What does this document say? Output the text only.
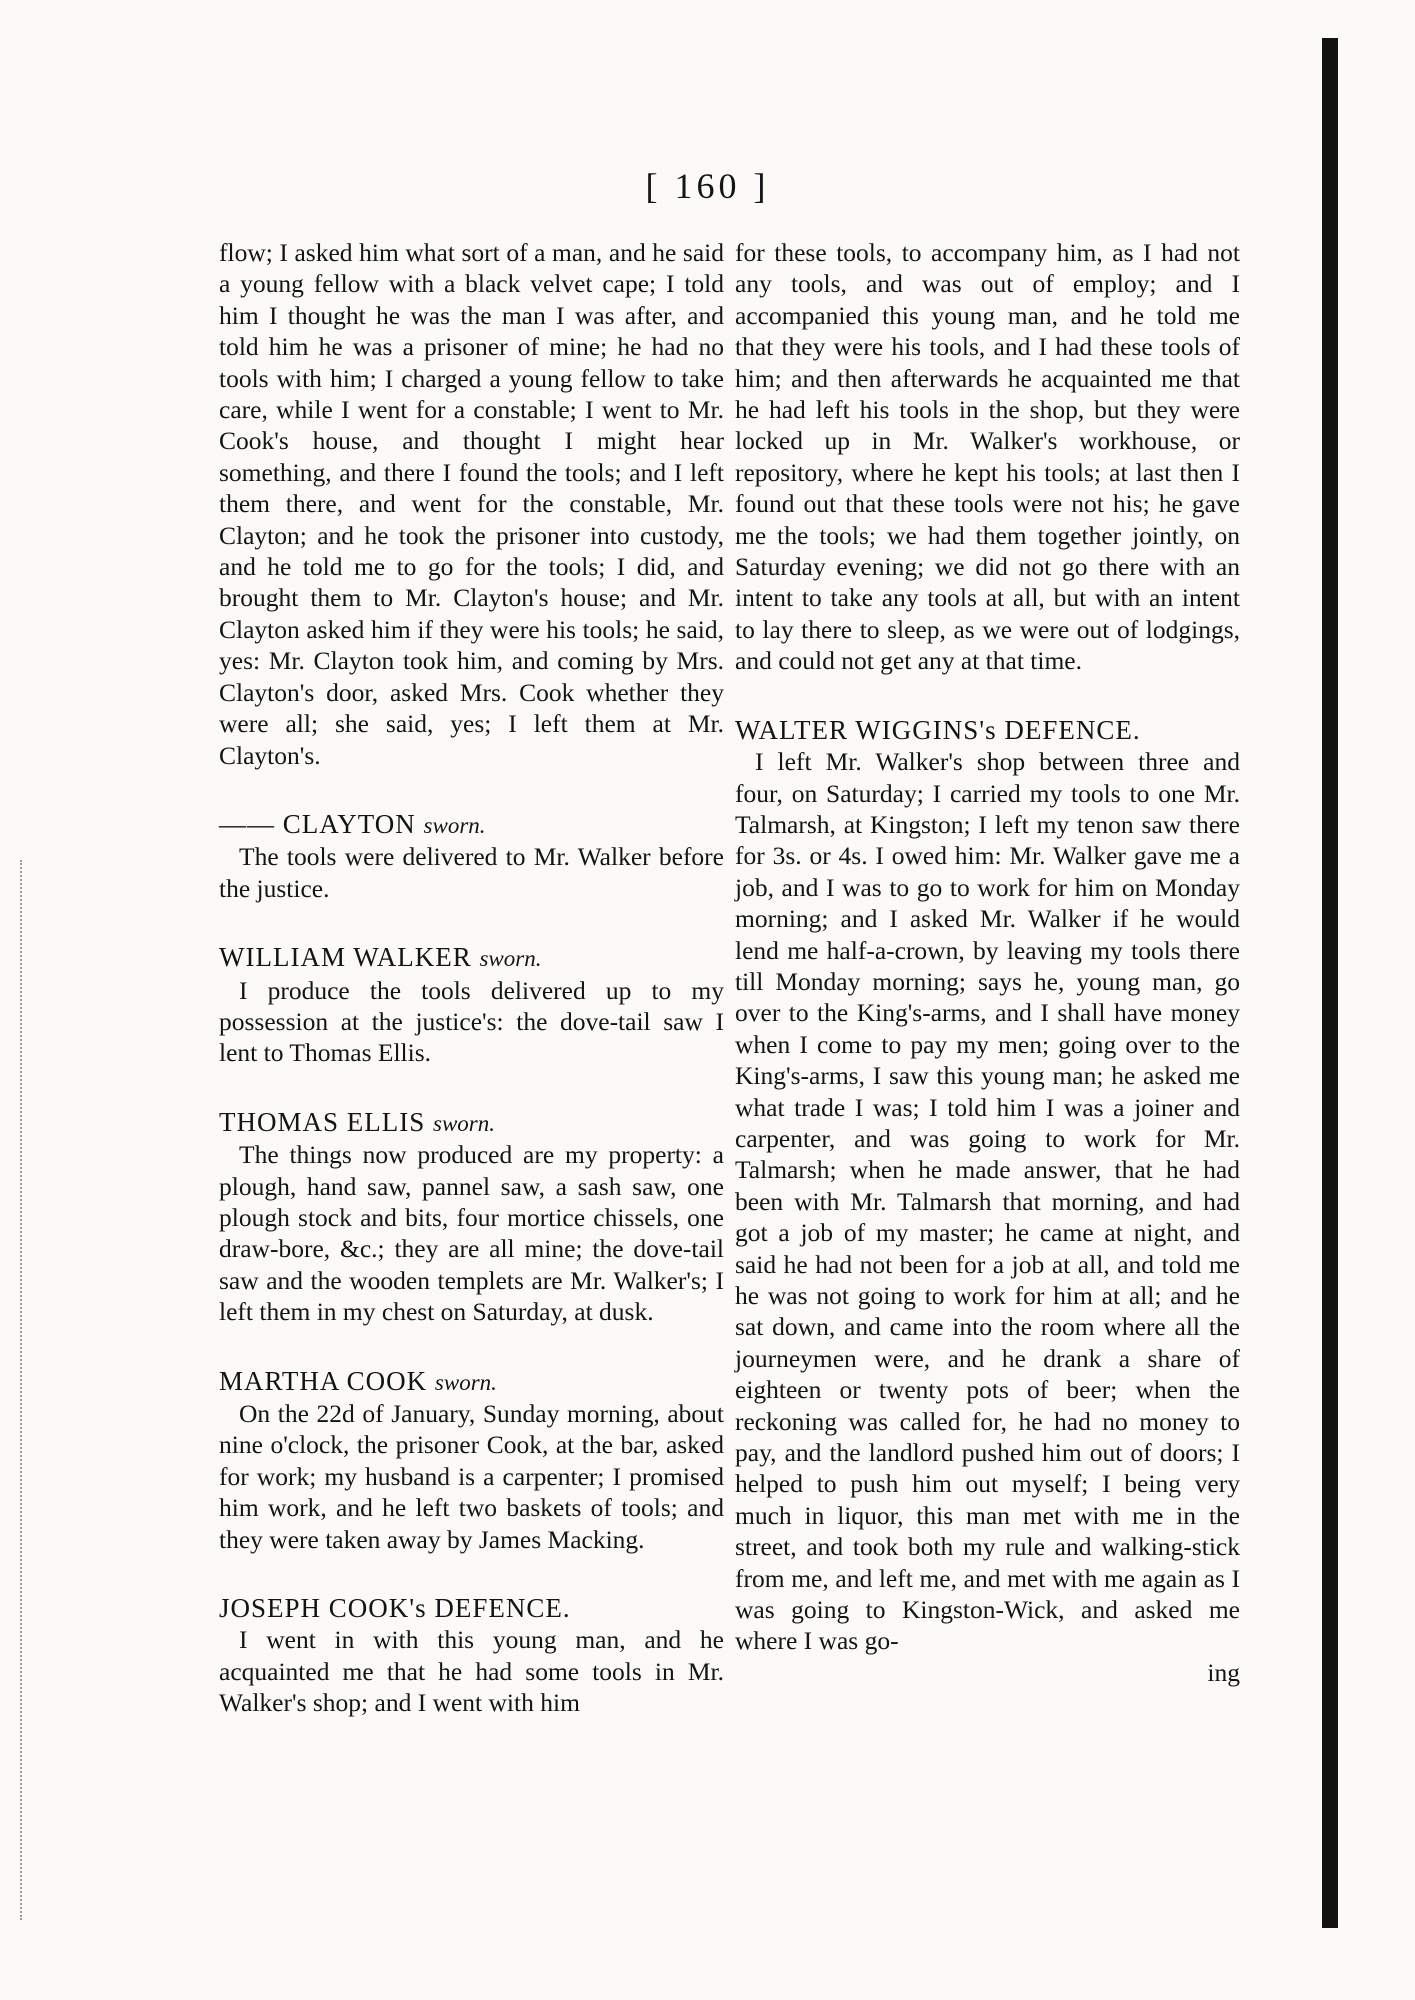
[ 160 ]

flow; I asked him what sort of a man, and he said a young fellow with a black velvet cape; I told him I thought he was the man I was after, and told him he was a prisoner of mine; he had no tools with him; I charged a young fellow to take care, while I went for a constable; I went to Mr. Cook's house, and thought I might hear something, and there I found the tools; and I left them there, and went for the constable, Mr. Clayton; and he took the prisoner into custody, and he told me to go for the tools; I did, and brought them to Mr. Clayton's house; and Mr. Clayton asked him if they were his tools; he said, yes: Mr. Clayton took him, and coming by Mrs. Clayton's door, asked Mrs. Cook whether they were all; she said, yes; I left them at Mr. Clayton's.

—— CLAYTON sworn.

The tools were delivered to Mr. Walker before the justice.

WILLIAM WALKER sworn.

I produce the tools delivered up to my possession at the justice's: the dove-tail saw I lent to Thomas Ellis.

THOMAS ELLIS sworn.

The things now produced are my property: a plough, hand saw, pannel saw, a sash saw, one plough stock and bits, four mortice chissels, one draw-bore, &c.; they are all mine; the dove-tail saw and the wooden templets are Mr. Walker's; I left them in my chest on Saturday, at dusk.

MARTHA COOK sworn.

On the 22d of January, Sunday morning, about nine o'clock, the prisoner Cook, at the bar, asked for work; my husband is a carpenter; I promised him work, and he left two baskets of tools; and they were taken away by James Macking.

JOSEPH COOK's DEFENCE.

I went in with this young man, and he acquainted me that he had some tools in Mr. Walker's shop; and I went with him

for these tools, to accompany him, as I had not any tools, and was out of employ; and I accompanied this young man, and he told me that they were his tools, and I had these tools of him; and then afterwards he acquainted me that he had left his tools in the shop, but they were locked up in Mr. Walker's workhouse, or repository, where he kept his tools; at last then I found out that these tools were not his; he gave me the tools; we had them together jointly, on Saturday evening; we did not go there with an intent to take any tools at all, but with an intent to lay there to sleep, as we were out of lodgings, and could not get any at that time.

WALTER WIGGINS's DEFENCE.

I left Mr. Walker's shop between three and four, on Saturday; I carried my tools to one Mr. Talmarsh, at Kingston; I left my tenon saw there for 3s. or 4s. I owed him: Mr. Walker gave me a job, and I was to go to work for him on Monday morning; and I asked Mr. Walker if he would lend me half-a-crown, by leaving my tools there till Monday morning; says he, young man, go over to the King's-arms, and I shall have money when I come to pay my men; going over to the King's-arms, I saw this young man; he asked me what trade I was; I told him I was a joiner and carpenter, and was going to work for Mr. Talmarsh; when he made answer, that he had been with Mr. Talmarsh that morning, and had got a job of my master; he came at night, and said he had not been for a job at all, and told me he was not going to work for him at all; and he sat down, and came into the room where all the journeymen were, and he drank a share of eighteen or twenty pots of beer; when the reckoning was called for, he had no money to pay, and the landlord pushed him out of doors; I helped to push him out myself; I being very much in liquor, this man met with me in the street, and took both my rule and walking-stick from me, and left me, and met with me again as I was going to Kingston-Wick, and asked me where I was go-

ing
